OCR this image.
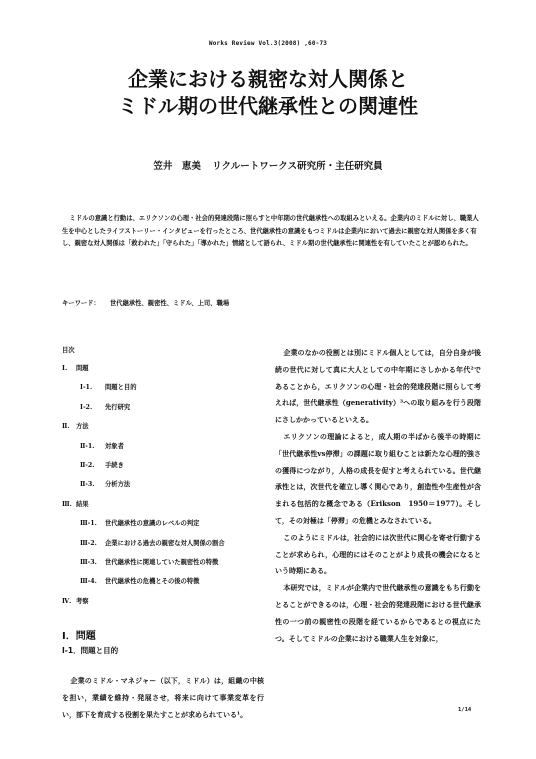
Works Review Vol.3(2008) ,60-73
企業における親密な対人関係と
ミドル期の世代継承性との関連性
笠井　恵美 リクルートワークス研究所・主任研究員

ミドルの意識と行動は、エリクソンの心理・社会的発達段階に照らすと中年期の世代継承性への取組みといえる。企業内のミドルに対し、職業人生を中心としたライフストーリー・インタビューを行ったところ、世代継承性の意識をもつミドルは企業内において過去に親密な対人関係を多く有し、親密な対人関係は「救われた」「守られた」「導かれた」情緒として語られ、ミドル期の世代継承性に関連性を有していたことが認められた。

キーワード： 世代継承性、親密性、ミドル、上司、職場
目次
Ⅰ. 問題
Ⅰ-1. 問題と目的
Ⅰ-2. 先行研究
Ⅱ. 方法
Ⅱ-1. 対象者
Ⅱ-2. 手続き
Ⅱ-3. 分析方法
Ⅲ. 結果
Ⅲ-1. 世代継承性の意識のレベルの判定
Ⅲ-2. 企業における過去の親密な対人関係の割合
Ⅲ-3. 世代継承性に関連していた親密性の特徴
Ⅲ-4. 世代継承性の危機とその後の特徴
Ⅳ. 考察
Ⅰ．問題
Ⅰ-1．問題と目的

企業のミドル・マネジャー（以下，ミドル）は，組織の中核を担い，業績を維持・発展させ，将来に向けて事業変革を行い，部下を育成する役割を果たすことが求められている¹。

企業のなかの役割とは別にミドル個人としては，自分自身が後続の世代に対して真に大人としての中年期にさしかかる年代²であることから，エリクソンの心理・社会的発達段階に照らして考えれば，世代継承性（generativity）³への取り組みを行う段階にさしかかっているといえる。

エリクソンの理論によると，成人期の半ばから後半の時期に「世代継承性vs停滞」の課題に取り組むことは新たな心理的強さの獲得につながり，人格の成長を促すと考えられている。世代継承性とは，次世代を確立し導く関心であり，創造性や生産性が含まれる包括的な概念である（Erikson　1950＝1977）。そして，その対極は「停滞」の危機とみなされている。

このようにミドルは，社会的には次世代に関心を寄せ行動することが求められ，心理的にはそのことがより成長の機会になるという時期にある。

本研究では，ミドルが企業内で世代継承性の意識をもち行動をとることができるのは，心理・社会的発達段階における世代継承性の一つ前の親密性の段階を経ているからであるとの視点にたつ。そしてミドルの企業における職業人生を対象に，

1/14
